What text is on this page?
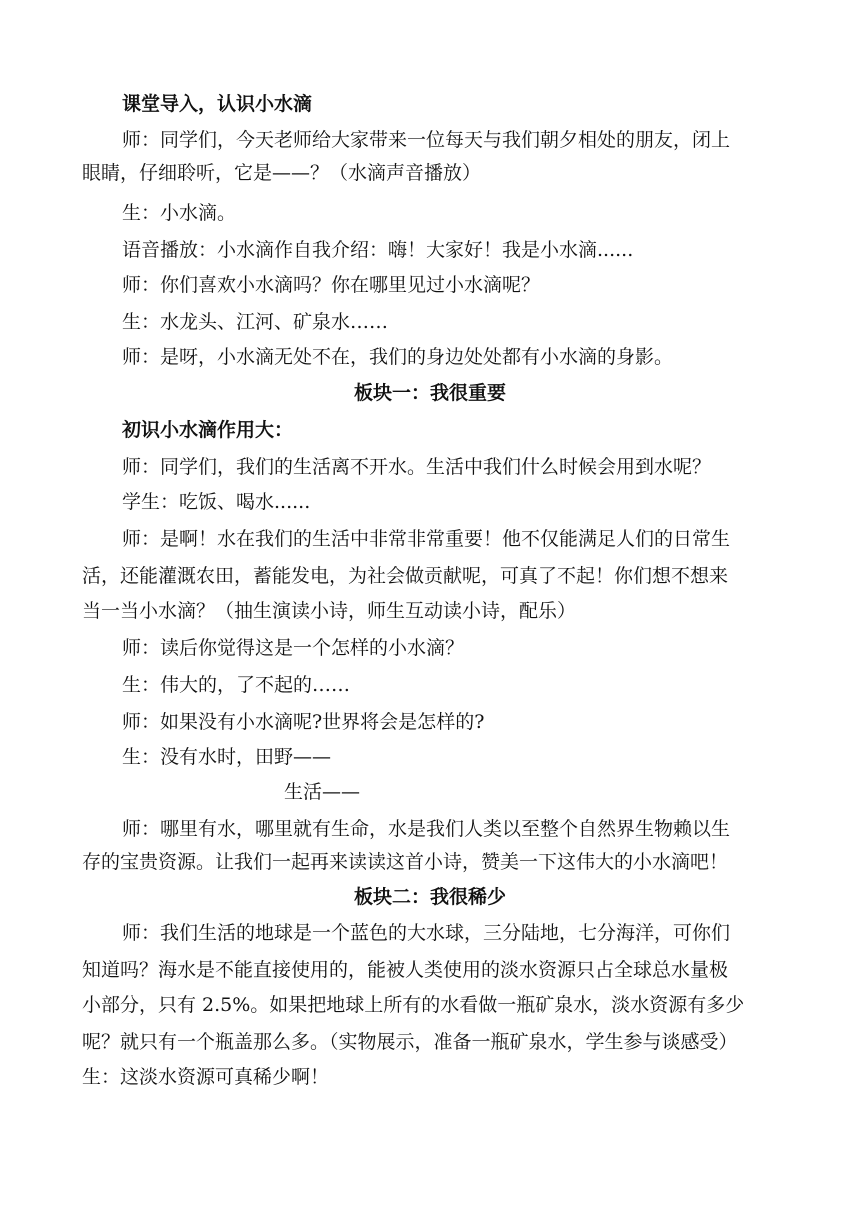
课堂导入，认识小水滴
师：同学们，今天老师给大家带来一位每天与我们朝夕相处的朋友，闭上
眼睛，仔细聆听，它是——？（水滴声音播放）
生：小水滴。
语音播放：小水滴作自我介绍：嗨！大家好！我是小水滴......
师：你们喜欢小水滴吗？你在哪里见过小水滴呢？
生：水龙头、江河、矿泉水……
师：是呀，小水滴无处不在，我们的身边处处都有小水滴的身影。
板块一：我很重要
初识小水滴作用大：
师：同学们，我们的生活离不开水。生活中我们什么时候会用到水呢？
学生：吃饭、喝水......
师：是啊！水在我们的生活中非常非常重要！他不仅能满足人们的日常生
活，还能灌溉农田，蓄能发电，为社会做贡献呢，可真了不起！你们想不想来
当一当小水滴？（抽生演读小诗，师生互动读小诗，配乐）
师：读后你觉得这是一个怎样的小水滴？
生：伟大的，了不起的……
师：如果没有小水滴呢?世界将会是怎样的?
生：没有水时，田野——
生活——
师：哪里有水，哪里就有生命，水是我们人类以至整个自然界生物赖以生
存的宝贵资源。让我们一起再来读读这首小诗，赞美一下这伟大的小水滴吧！
板块二：我很稀少
师：我们生活的地球是一个蓝色的大水球，三分陆地，七分海洋，可你们
知道吗？海水是不能直接使用的，能被人类使用的淡水资源只占全球总水量极
小部分，只有 2.5%。如果把地球上所有的水看做一瓶矿泉水，淡水资源有多少
呢？就只有一个瓶盖那么多。（实物展示，准备一瓶矿泉水，学生参与谈感受）
生：这淡水资源可真稀少啊！
